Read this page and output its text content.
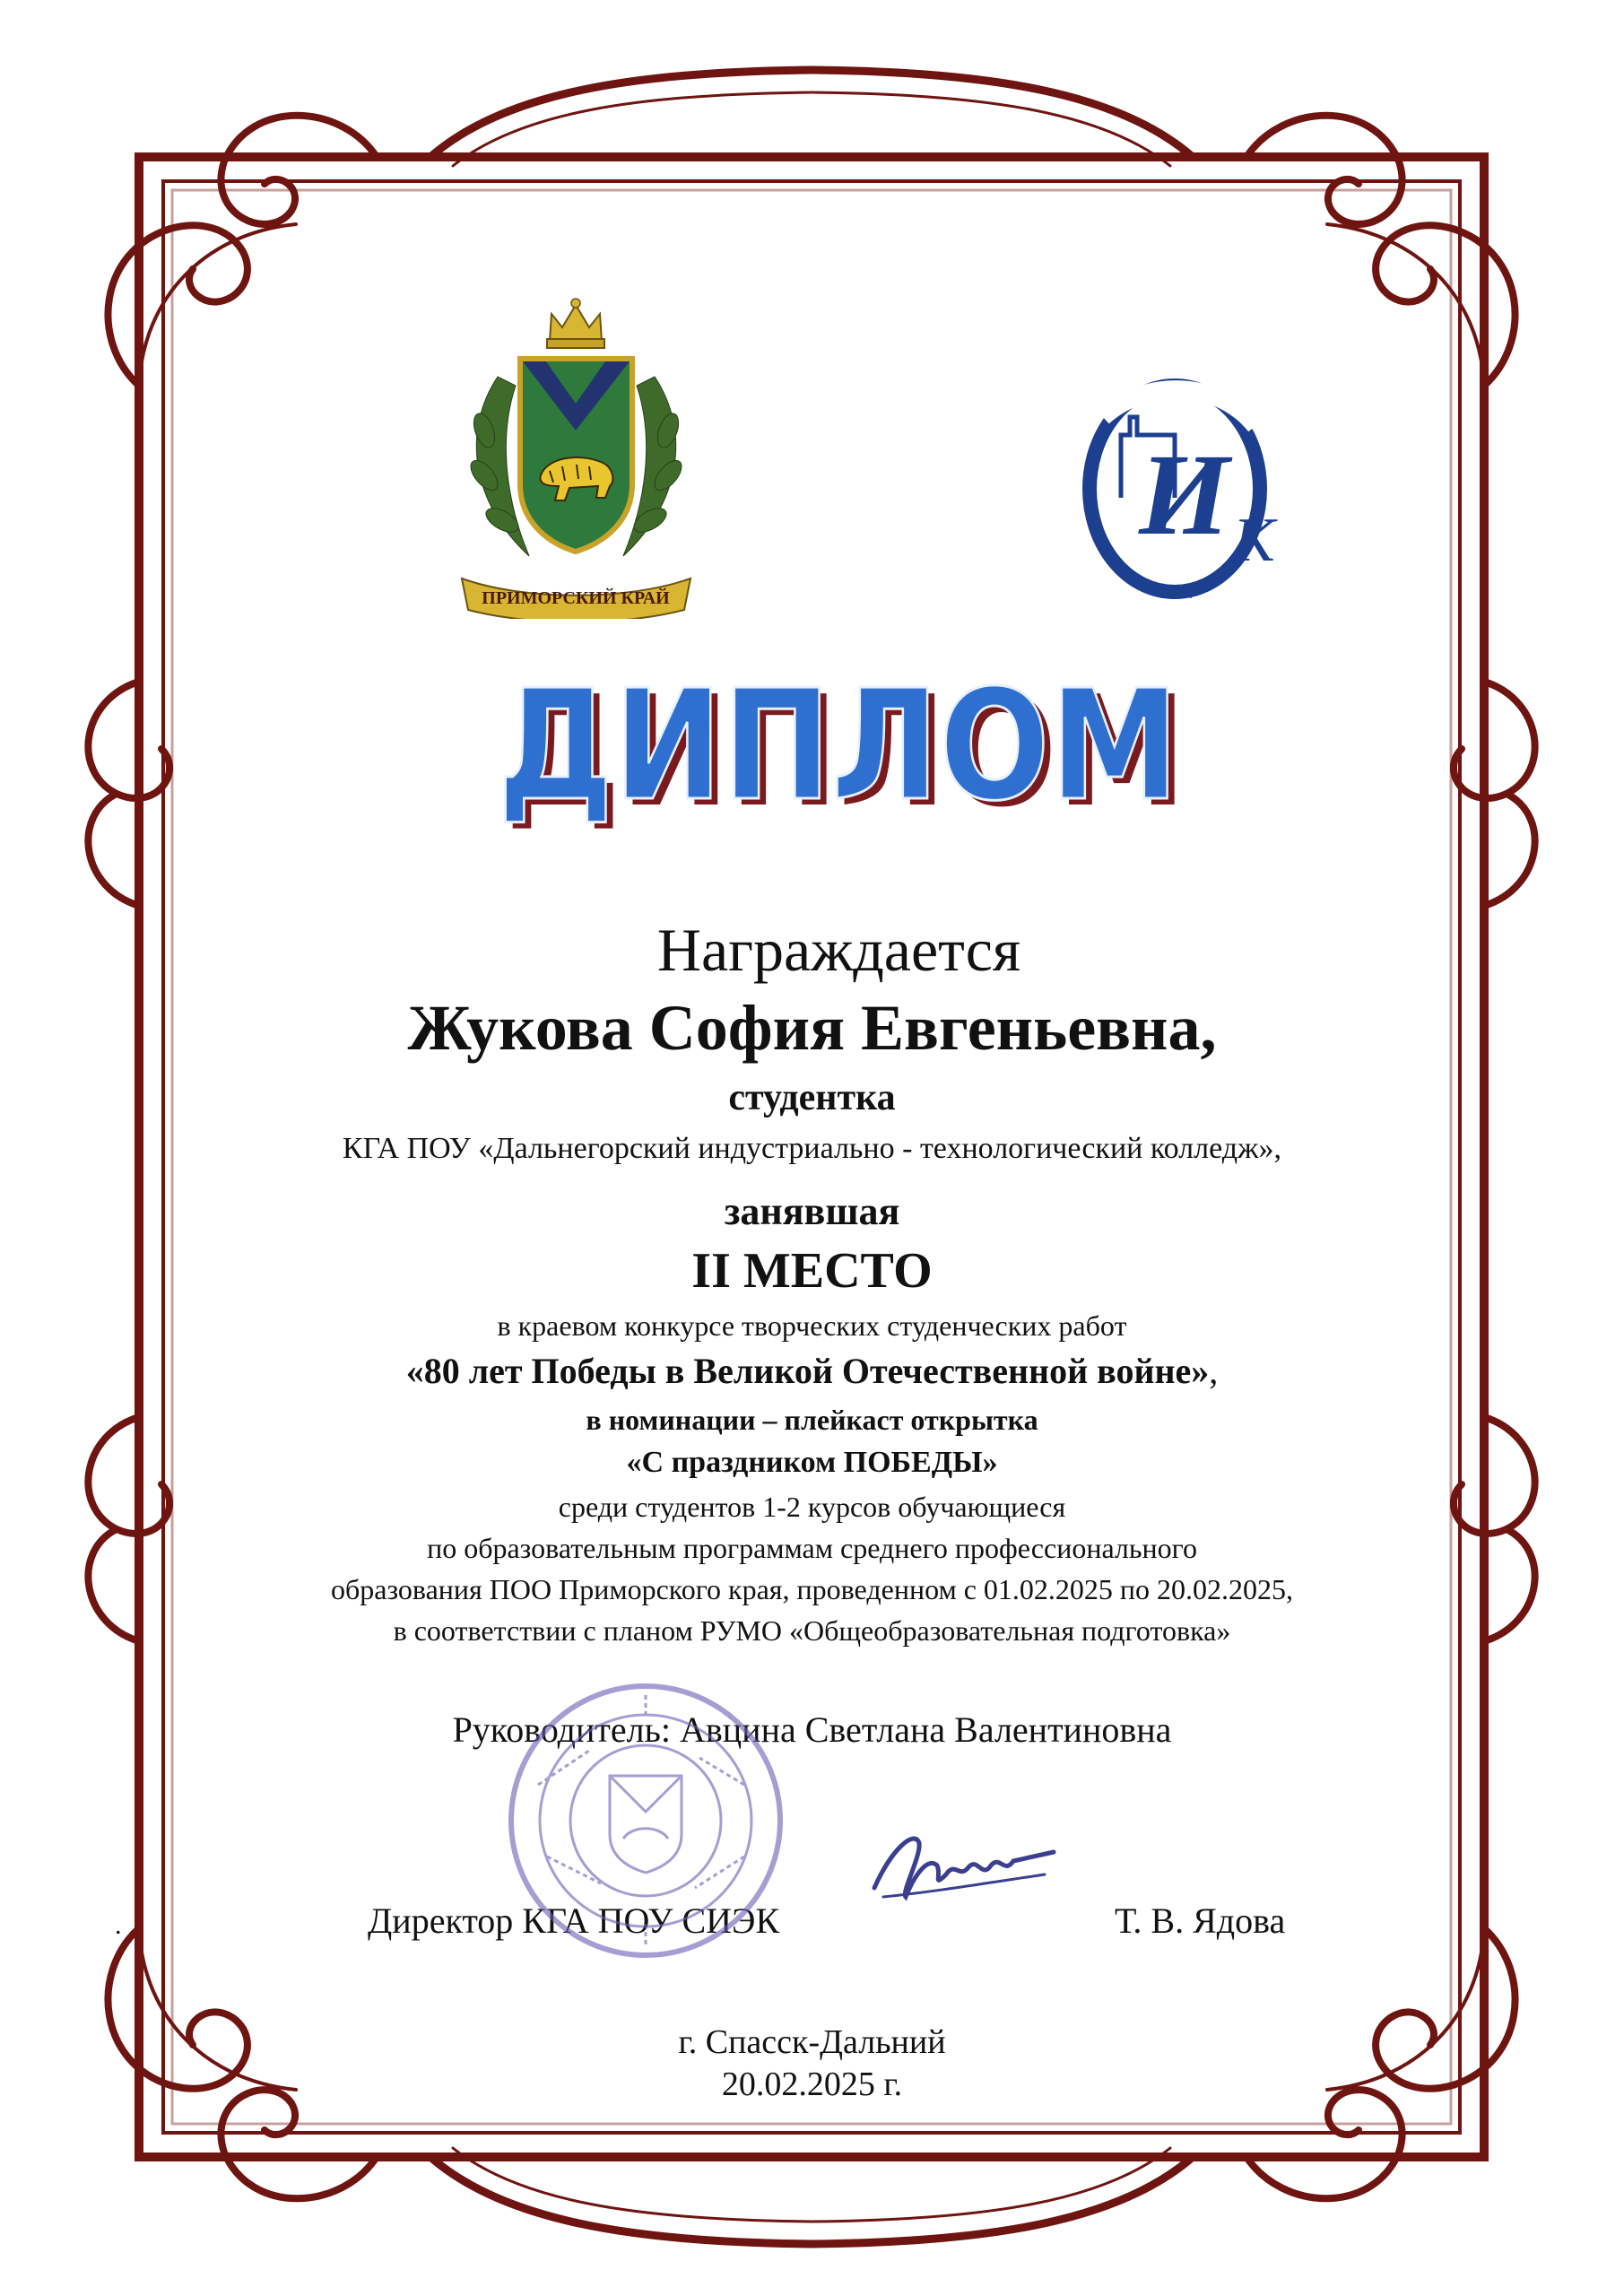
ПРИМОРСКИЙ КРАЙ
И К
СИЭК
ДИПЛОМ
ДИПЛОМ
Награждается
Жукова София Евгеньевна,
студентка
КГА ПОУ «Дальнегорский индустриально - технологический колледж»,
занявшая
II МЕСТО
в краевом конкурсе творческих студенческих работ
«80 лет Победы в Великой Отечественной войне»,
в номинации – плейкаст открытка
«С праздником ПОБЕДЫ»
среди студентов 1-2 курсов обучающиеся
по образовательным программам среднего профессионального
образования ПОО Приморского края, проведенном с 01.02.2025 по 20.02.2025,
в соответствии с планом РУМО «Общеобразовательная подготовка»
Руководитель: Авцина Светлана Валентиновна
.	Директор КГА ПОУ СИЭК	Т. В. Ядова
г. Спасск-Дальний
20.02.2025 г.
